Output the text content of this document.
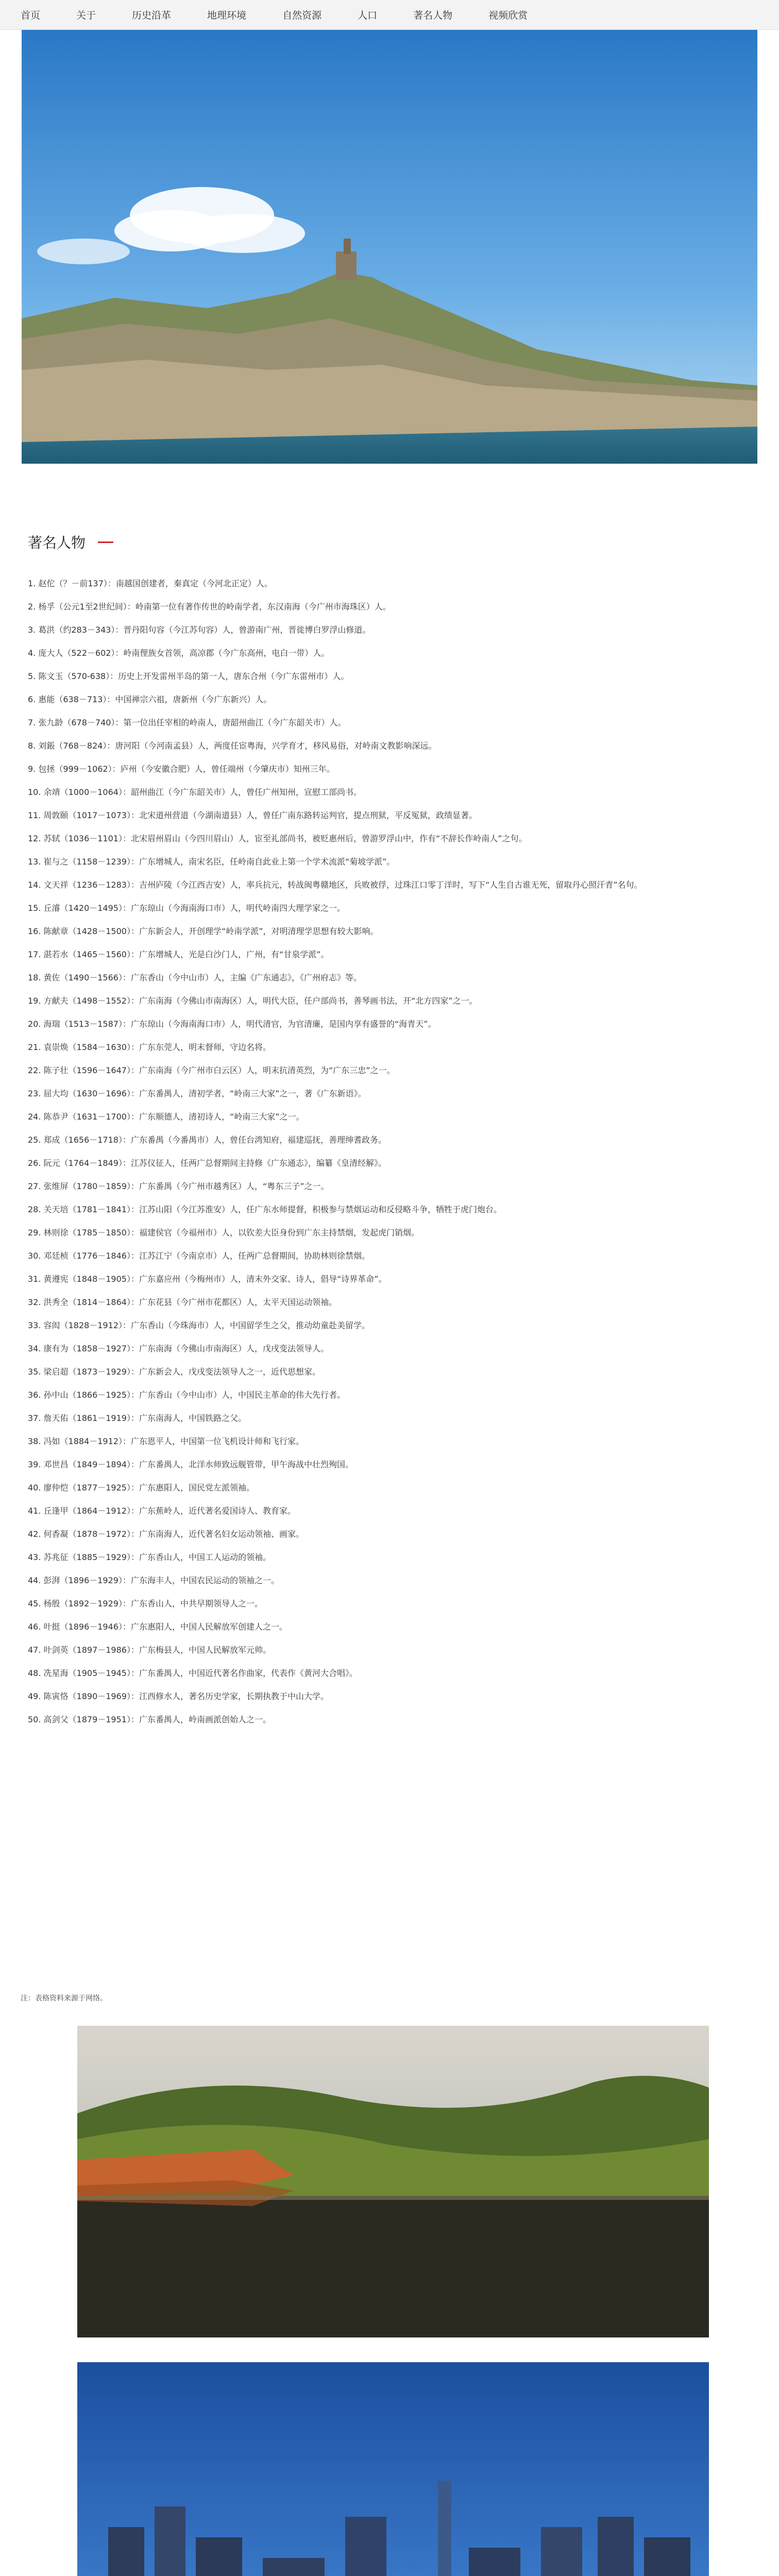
首页	关于	历史沿革	地理环境	自然资源	人口	著名人物	视频欣赏
著名人物
1. 赵佗（？－前137）：南越国创建者，秦真定（今河北正定）人。
2. 杨孚（公元1至2世纪间）：岭南第一位有著作传世的岭南学者，东汉南海（今广州市海珠区）人。
3. 葛洪（约283－343）：晋丹阳句容（今江苏句容）人，曾游南广州，晋徙博白罗浮山修道。
4. 庞大人（522－602）：岭南俚族女首领，高凉郡（今广东高州，电白一带）人。
5. 陈文玉（570-638）：历史上开发雷州半岛的第一人，唐东合州（今广东雷州市）人。
6. 惠能（638－713）：中国禅宗六祖，唐新州（今广东新兴）人。
7. 张九龄（678－740）：第一位出任宰相的岭南人，唐韶州曲江（今广东韶关市）人。
8. 刘鋹（768－824）：唐河阳（今河南孟县）人，两度任宦粤海，兴学育才，移风易俗，对岭南文教影响深远。
9. 包拯（999－1062）：庐州（今安徽合肥）人，曾任端州（今肇庆市）知州三年。
10. 余靖（1000－1064）：韶州曲江（今广东韶关市）人，曾任广州知州，宣慰工部尚书。
11. 周敦颐（1017－1073）：北宋道州营道（今湖南道县）人，曾任广南东路转运判官，提点刑狱，平反冤狱，政绩显著。
12. 苏轼（1036－1101）：北宋眉州眉山（今四川眉山）人，宦至礼部尚书，被贬惠州后，曾游罗浮山中，作有“不辞长作岭南人”之句。
13. 崔与之（1158－1239）：广东增城人，南宋名臣，任岭南自此业上第一个学术流派“菊坡学派”。
14. 文天祥（1236－1283）：吉州庐陵（今江西吉安）人，率兵抗元，转战闽粤赣地区，兵败被俘，过珠江口零丁洋时，写下“人生自古谁无死，留取丹心照汗青”名句。
15. 丘濬（1420－1495）：广东琼山（今海南海口市）人，明代岭南四大理学家之一。
16. 陈献章（1428－1500）：广东新会人，开创理学“岭南学派”，对明清理学思想有较大影响。
17. 湛若水（1465－1560）：广东增城人，光是白沙门人，广州，有“甘泉学派”。
18. 黄佐（1490－1566）：广东香山（今中山市）人，主编《广东通志》，《广州府志》等。
19. 方献夫（1498－1552）：广东南海（今佛山市南海区）人，明代大臣，任户部尚书，善琴画书法，开“北方四家”之一。
20. 海瑞（1513－1587）：广东琼山（今海南海口市）人，明代清官，为官清廉，是国内享有盛誉的“海青天”。
21. 袁崇焕（1584－1630）：广东东莞人，明末督师，守边名将。
22. 陈子壮（1596－1647）：广东南海（今广州市白云区）人，明末抗清英烈，为“广东三忠”之一。
23. 屈大均（1630－1696）：广东番禺人，清初学者，“岭南三大家”之一，著《广东新语》。
24. 陈恭尹（1631－1700）：广东顺德人，清初诗人，“岭南三大家”之一。
25. 郑成（1656－1718）：广东番禺（今番禺市）人，曾任台湾知府，福建巡抚，善理绅耆政务。
26. 阮元（1764－1849）：江苏仪征人，任两广总督期间主持修《广东通志》，编纂《皇清经解》。
27. 张维屏（1780－1859）：广东番禺（今广州市越秀区）人，“粤东三子”之一。
28. 关天培（1781－1841）：江苏山阳（今江苏淮安）人，任广东水师提督，积极参与禁烟运动和反侵略斗争，牺牲于虎门炮台。
29. 林则徐（1785－1850）：福建侯官（今福州市）人，以钦差大臣身份到广东主持禁烟，发起虎门销烟。
30. 邓廷桢（1776－1846）：江苏江宁（今南京市）人，任两广总督期间，协助林则徐禁烟。
31. 黄遵宪（1848－1905）：广东嘉应州（今梅州市）人，清末外交家、诗人，倡导“诗界革命”。
32. 洪秀全（1814－1864）：广东花县（今广州市花都区）人，太平天国运动领袖。
33. 容闳（1828－1912）：广东香山（今珠海市）人，中国留学生之父，推动幼童赴美留学。
34. 康有为（1858－1927）：广东南海（今佛山市南海区）人，戊戌变法领导人。
35. 梁启超（1873－1929）：广东新会人，戊戌变法领导人之一，近代思想家。
36. 孙中山（1866－1925）：广东香山（今中山市）人，中国民主革命的伟大先行者。
37. 詹天佑（1861－1919）：广东南海人，中国铁路之父。
38. 冯如（1884－1912）：广东恩平人，中国第一位飞机设计师和飞行家。
39. 邓世昌（1849－1894）：广东番禺人，北洋水师致远舰管带，甲午海战中壮烈殉国。
40. 廖仲恺（1877－1925）：广东惠阳人，国民党左派领袖。
41. 丘逢甲（1864－1912）：广东蕉岭人，近代著名爱国诗人、教育家。
42. 何香凝（1878－1972）：广东南海人，近代著名妇女运动领袖、画家。
43. 苏兆征（1885－1929）：广东香山人，中国工人运动的领袖。
44. 彭湃（1896－1929）：广东海丰人，中国农民运动的领袖之一。
45. 杨殷（1892－1929）：广东香山人，中共早期领导人之一。
46. 叶挺（1896－1946）：广东惠阳人，中国人民解放军创建人之一。
47. 叶剑英（1897－1986）：广东梅县人，中国人民解放军元帅。
48. 冼星海（1905－1945）：广东番禺人，中国近代著名作曲家，代表作《黄河大合唱》。
49. 陈寅恪（1890－1969）：江西修水人，著名历史学家，长期执教于中山大学。
50. 高剑父（1879－1951）：广东番禺人，岭南画派创始人之一。
注：表格资料来源于网络。
